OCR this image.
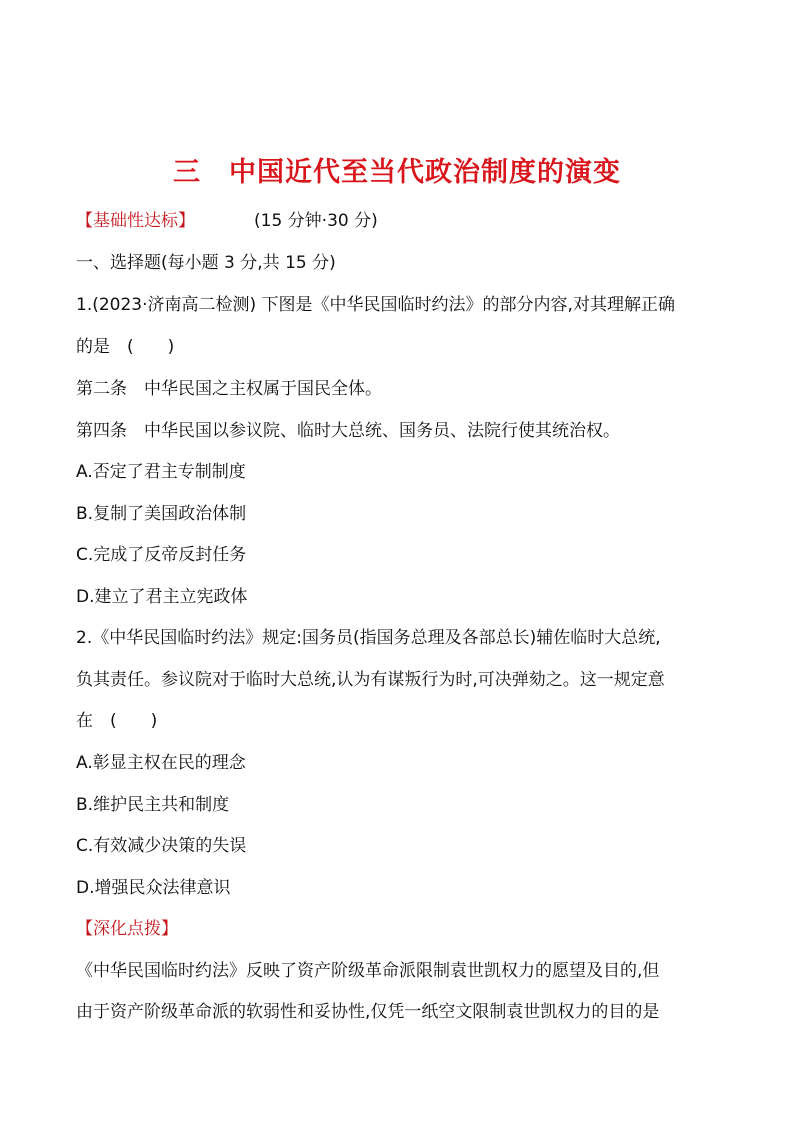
三　中国近代至当代政治制度的演变
【基础性达标】	(15 分钟·30 分)
一、选择题(每小题 3 分,共 15 分)
1.(2023·济南高二检测) 下图是《中华民国临时约法》的部分内容,对其理解正确
的是　(　　)
第二条　中华民国之主权属于国民全体。
第四条　中华民国以参议院、临时大总统、国务员、法院行使其统治权。
A.否定了君主专制制度
B.复制了美国政治体制
C.完成了反帝反封任务
D.建立了君主立宪政体
2.《中华民国临时约法》规定:国务员(指国务总理及各部总长)辅佐临时大总统,
负其责任。参议院对于临时大总统,认为有谋叛行为时,可决弹劾之。这一规定意
在　(　　)
A.彰显主权在民的理念
B.维护民主共和制度
C.有效减少决策的失误
D.增强民众法律意识
【深化点拨】
《中华民国临时约法》反映了资产阶级革命派限制袁世凯权力的愿望及目的,但
由于资产阶级革命派的软弱性和妥协性,仅凭一纸空文限制袁世凯权力的目的是
